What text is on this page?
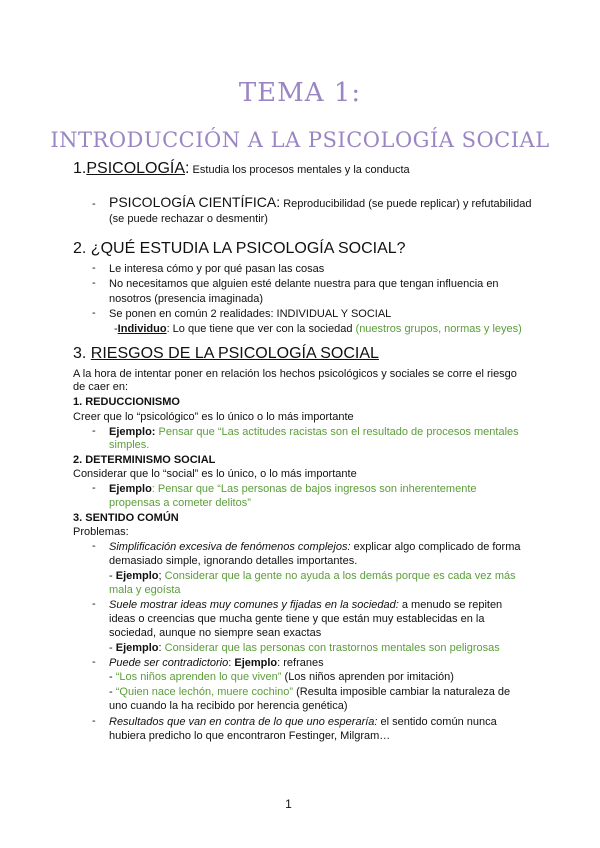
TEMA 1:
INTRODUCCIÓN A LA PSICOLOGÍA SOCIAL
1.PSICOLOGÍA: Estudia los procesos mentales y la conducta
- PSICOLOGÍA CIENTÍFICA: Reproducibilidad (se puede replicar) y refutabilidad
(se puede rechazar o desmentir)
2. ¿QUÉ ESTUDIA LA PSICOLOGÍA SOCIAL?
- Le interesa cómo y por qué pasan las cosas
- No necesitamos que alguien esté delante nuestra para que tengan influencia en
nosotros (presencia imaginada)
- Se ponen en común 2 realidades: INDIVIDUAL Y SOCIAL
-Individuo: Lo que tiene que ver con la sociedad (nuestros grupos, normas y leyes)
3. RIESGOS DE LA PSICOLOGÍA SOCIAL
A la hora de intentar poner en relación los hechos psicológicos y sociales se corre el riesgo
de caer en:
1. REDUCCIONISMO
Creer que lo “psicológico” es lo único o lo más importante
- Ejemplo: Pensar que “Las actitudes racistas son el resultado de procesos mentales
simples.
2. DETERMINISMO SOCIAL
Considerar que lo “social” es lo único, o lo más importante
- Ejemplo: Pensar que “Las personas de bajos ingresos son inherentemente
propensas a cometer delitos”
3. SENTIDO COMÚN
Problemas:
- Simplificación excesiva de fenómenos complejos: explicar algo complicado de forma
demasiado simple, ignorando detalles importantes.
- Ejemplo; Considerar que la gente no ayuda a los demás porque es cada vez más
mala y egoísta
- Suele mostrar ideas muy comunes y fijadas en la sociedad: a menudo se repiten
ideas o creencias que mucha gente tiene y que están muy establecidas en la
sociedad, aunque no siempre sean exactas
- Ejemplo: Considerar que las personas con trastornos mentales son peligrosas
- Puede ser contradictorio: Ejemplo: refranes
- “Los niños aprenden lo que viven” (Los niños aprenden por imitación)
- “Quien nace lechón, muere cochino” (Resulta imposible cambiar la naturaleza de
uno cuando la ha recibido por herencia genética)
- Resultados que van en contra de lo que uno esperaría: el sentido común nunca
hubiera predicho lo que encontraron Festinger, Milgram…
1
